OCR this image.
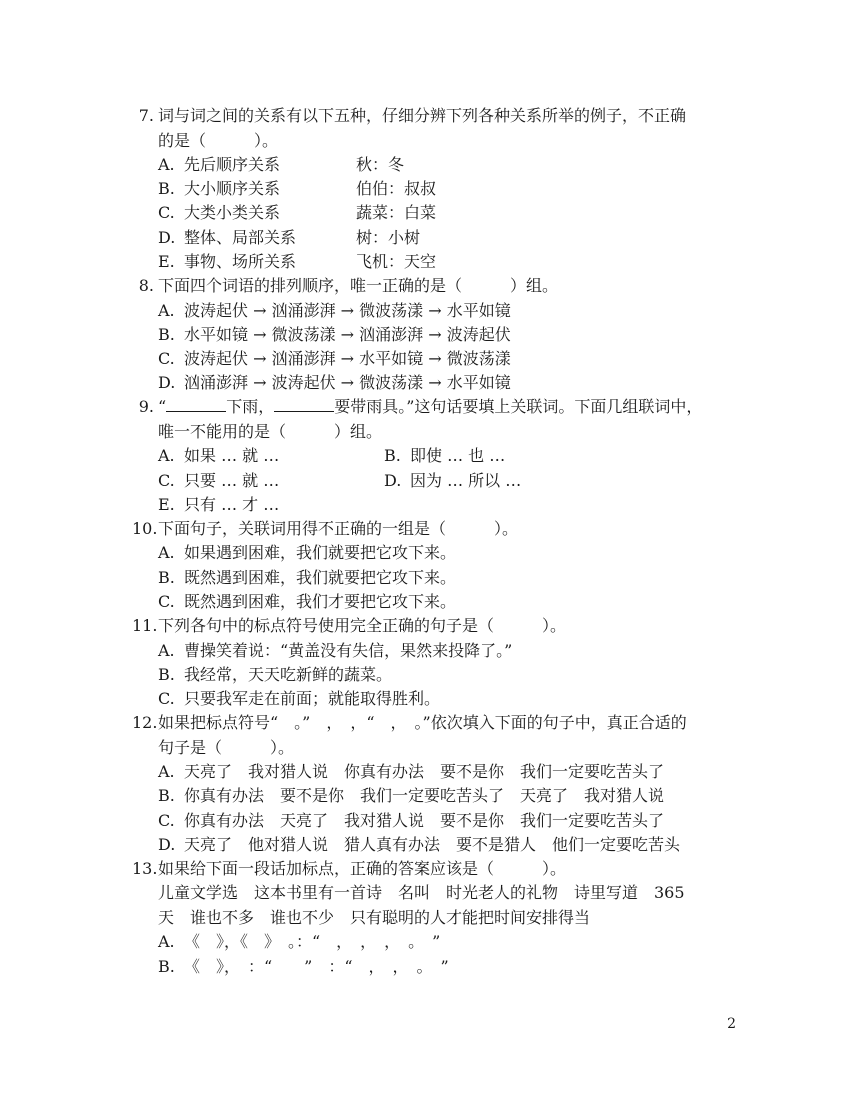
7. 词与词之间的关系有以下五种，仔细分辨下列各种关系所举的例子，不正确
的是（　　　）。
A. 先后顺序关系	秋：冬
B. 大小顺序关系	伯伯：叔叔
C. 大类小类关系	蔬菜：白菜
D. 整体、局部关系	树：小树
E. 事物、场所关系	飞机：天空
8. 下面四个词语的排列顺序，唯一正确的是（　　　）组。
A. 波涛起伏 → 汹涌澎湃 → 微波荡漾 → 水平如镜
B. 水平如镜 → 微波荡漾 → 汹涌澎湃 → 波涛起伏
C. 波涛起伏 → 汹涌澎湃 → 水平如镜 → 微波荡漾
D. 汹涌澎湃 → 波涛起伏 → 微波荡漾 → 水平如镜
9. “	下雨，	要带雨具。”这句话要填上关联词。下面几组联词中，
唯一不能用的是（　　　）组。
A. 如果 … 就 …	B. 即使 … 也 …
C. 只要 … 就 …	D. 因为 … 所以 …
E. 只有 … 才 …
10. 下面句子，关联词用得不正确的一组是（　　　）。
A. 如果遇到困难，我们就要把它攻下来。
B. 既然遇到困难，我们就要把它攻下来。
C. 既然遇到困难，我们才要把它攻下来。
11. 下列各句中的标点符号使用完全正确的句子是（　　　）。
A. 曹操笑着说：“黄盖没有失信，果然来投降了。”
B. 我经常，天天吃新鲜的蔬菜。
C. 只要我军走在前面；就能取得胜利。
12. 如果把标点符号“　。”　，　，“　，　。”依次填入下面的句子中，真正合适的
句子是（　　　）。
A. 天亮了　我对猎人说　你真有办法　要不是你　我们一定要吃苦头了
B. 你真有办法　要不是你　我们一定要吃苦头了　天亮了　我对猎人说
C. 你真有办法　天亮了　我对猎人说　要不是你　我们一定要吃苦头了
D. 天亮了　他对猎人说　猎人真有办法　要不是猎人　他们一定要吃苦头
13. 如果给下面一段话加标点，正确的答案应该是（　　　）。
儿童文学选　这本书里有一首诗　名叫　时光老人的礼物　诗里写道　365
天　谁也不多　谁也不少　只有聪明的人才能把时间安排得当
A. 《　》，《　》　。：“　，　，　，　。　”
B. 《　》，　：“　　”　：“　，　，　。　”
2
